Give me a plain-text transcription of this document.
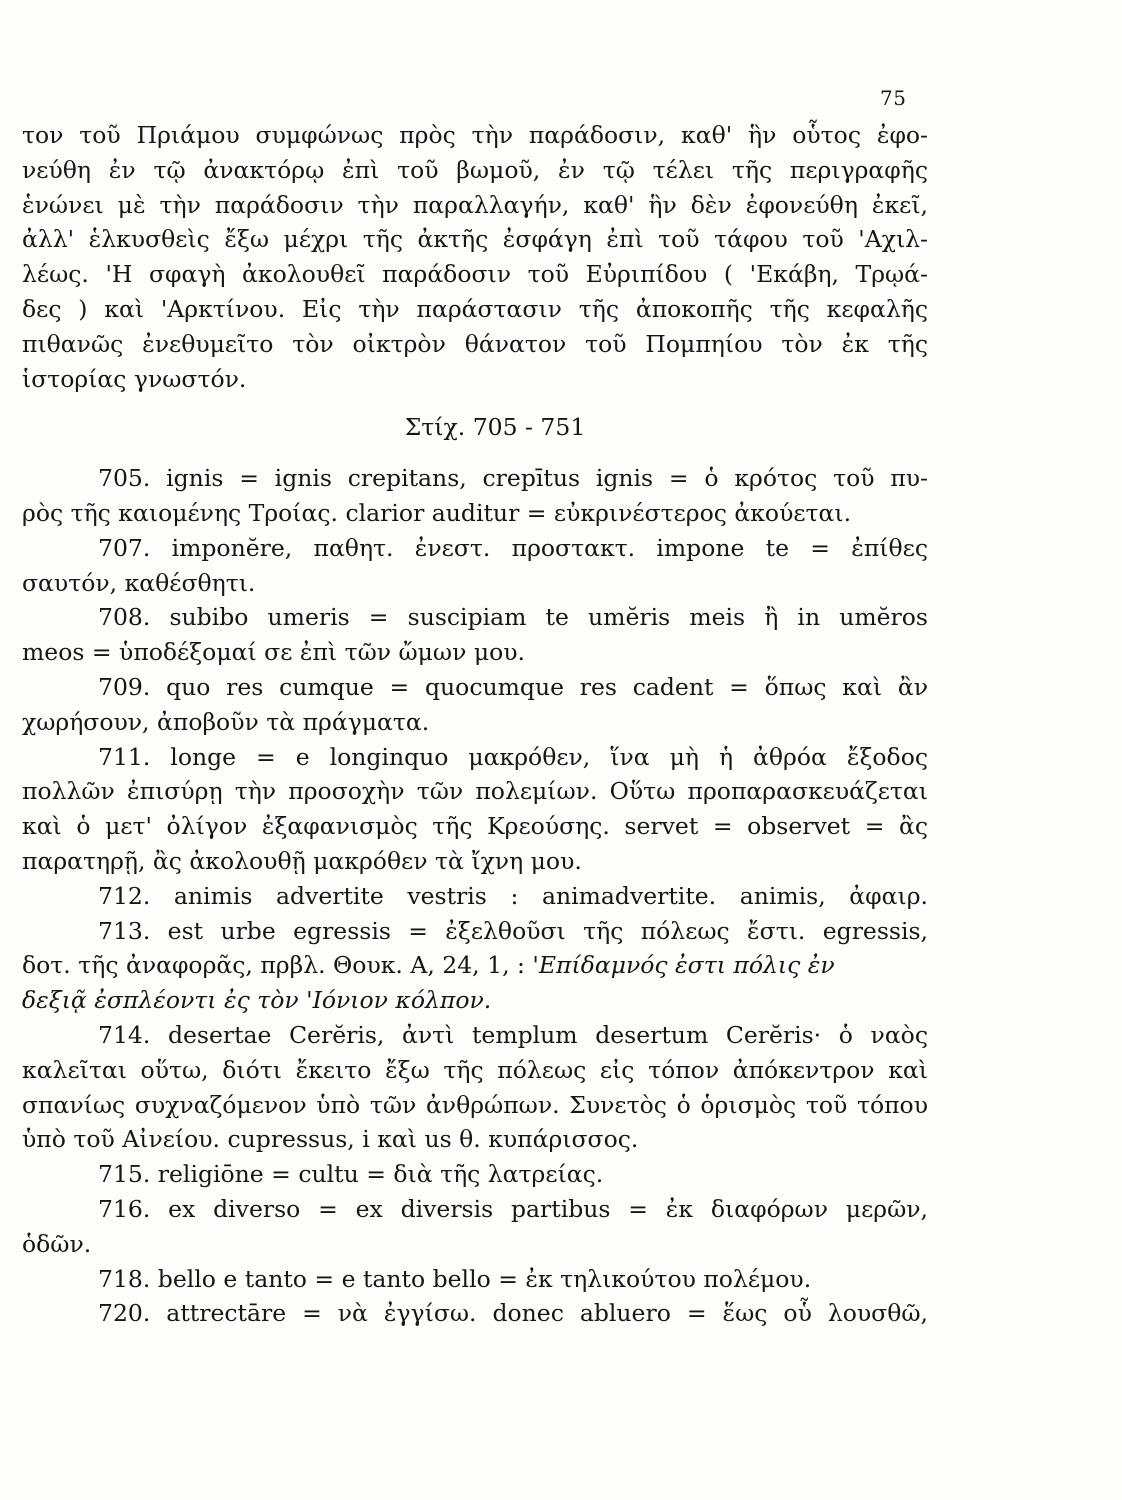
75
τον τοῦ Πριάμου συμφώνως πρὸς τὴν παράδοσιν, καθ' ἣν οὗτος ἐφο-
νεύθη ἐν τῷ ἀνακτόρῳ ἐπὶ τοῦ βωμοῦ, ἐν τῷ τέλει τῆς περιγραφῆς
ἑνώνει μὲ τὴν παράδοσιν τὴν παραλλαγήν, καθ' ἣν δὲν ἐφονεύθη ἐκεῖ,
ἀλλ' ἑλκυσθεὶς ἔξω μέχρι τῆς ἀκτῆς ἐσφάγη ἐπὶ τοῦ τάφου τοῦ 'Αχιλ-
λέως. 'Η σφαγὴ ἀκολουθεῖ παράδοσιν τοῦ Εὐριπίδου ( 'Εκάβη, Τρῳά-
δες ) καὶ 'Αρκτίνου. Εἰς τὴν παράστασιν τῆς ἀποκοπῆς τῆς κεφαλῆς
πιθανῶς ἐνεθυμεῖτο τὸν οἰκτρὸν θάνατον τοῦ Πομπηίου τὸν ἐκ τῆς
ἱστορίας γνωστόν.
Στίχ. 705 - 751
705. ignis = ignis crepitans, crepītus ignis = ὁ κρότος τοῦ πυ-
ρὸς τῆς καιομένης Τροίας. clarior auditur = εὐκρινέστερος ἀκούεται.
707. imponĕre, παθητ. ἐνεστ. προστακτ. impone te = ἐπίθες
σαυτόν, καθέσθητι.
708. subibo umeris = suscipiam te umĕris meis ἢ in umĕros
meos = ὑποδέξομαί σε ἐπὶ τῶν ὤμων μου.
709. quo res cumque = quocumque res cadent = ὅπως καὶ ἂν
χωρήσουν, ἀποβοῦν τὰ πράγματα.
711. longe = e longinquo μακρόθεν, ἵνα μὴ ἡ ἀθρόα ἔξοδος
πολλῶν ἐπισύρῃ τὴν προσοχὴν τῶν πολεμίων. Οὕτω προπαρασκευάζεται
καὶ ὁ μετ' ὀλίγον ἐξαφανισμὸς τῆς Κρεούσης. servet = observet = ἂς
παρατηρῇ, ἂς ἀκολουθῇ μακρόθεν τὰ ἴχνη μου.
712. animis advertite vestris : animadvertite. animis, ἀφαιρ.
713. est urbe egressis = ἐξελθοῦσι τῆς πόλεως ἔστι. egressis,
δοτ. τῆς ἀναφορᾶς, πρβλ. Θουκ. Α, 24, 1, : 'Επίδαμνός ἐστι πόλις ἐν
δεξιᾷ ἐσπλέοντι ἐς τὸν 'Ιόνιον κόλπον.
714. desertae Cerĕris, ἀντὶ templum desertum Cerĕris· ὁ ναὸς
καλεῖται οὕτω, διότι ἔκειτο ἔξω τῆς πόλεως εἰς τόπον ἀπόκεντρον καὶ
σπανίως συχναζόμενον ὑπὸ τῶν ἀνθρώπων. Συνετὸς ὁ ὁρισμὸς τοῦ τόπου
ὑπὸ τοῦ Αἰνείου. cupressus, i καὶ us θ. κυπάρισσος.
715. religiōne = cultu = διὰ τῆς λατρείας.
716. ex diverso = ex diversis partibus = ἐκ διαφόρων μερῶν,
ὁδῶν.
718. bello e tanto = e tanto bello = ἐκ τηλικούτου πολέμου.
720. attrectāre = νὰ ἐγγίσω. donec abluero = ἕως οὗ λουσθῶ,
